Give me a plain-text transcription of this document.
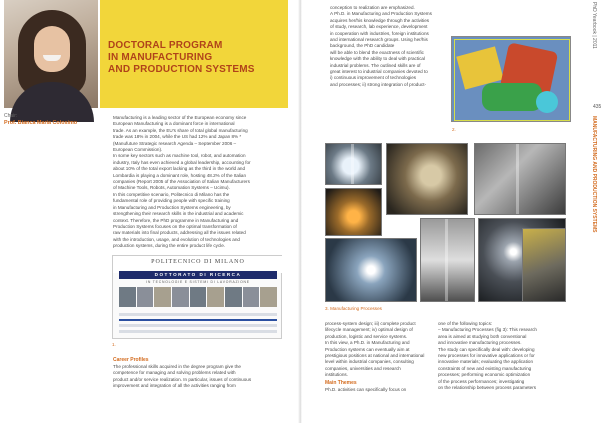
Chair:
Prof. Bianca Maria Colosimo
DOCTORAL PROGRAM
IN MANUFACTURING
AND PRODUCTION SYSTEMS
Manufacturing is a leading sector of the European economy since
European Manufacturing is a dominant force in international
trade. As an example, the EU's share of total global manufacturing
trade was 18% in 2004, while the US had 12% and Japan 8% *
(Manufuture Strategic research Agenda – September 2006 –
European Commission).
In some key sectors such as machine tool, robot, and automation
industry, Italy has even achieved a global leadership, accounting for
about 10% of the total export lacking as the third in the world and
Lombardia is playing a dominant role, hosting 48.2% of the Italian
companies (Report 2005 of the Association of Italian Manufacturers
of Machine Tools, Robots, Automation Systems – Ucimu).
In this competitive scenario, Politecnico di Milano has the
fundamental role of providing people with specific training
in Manufacturing and Production Systems engineering, by
strengthening their research skills in the industrial and academic
context. Therefore, the PhD programme in Manufacturing and
Production Systems focuses on the optimal transformation of
raw materials into final products, addressing all the issues related
with the introduction, usage, and evolution of technologies and
production systems, during the entire product life cycle.
POLITECNICO DI MILANO
DOTTORATO DI RICERCA
IN TECNOLOGIE E SISTEMI DI LAVORAZIONE
1.
Career Profiles
The professional skills acquired in the degree program give the
competence for managing and solving problems related with
product and/or service realization. In particular, issues of continuous
improvement and integration of all the activities ranging from
conception to realization are emphasized.
A Ph.D. in Manufacturing and Production Systems
acquires her/his knowledge through the activities
of study, research, lab experience, development
in cooperation with industries, foreign institutions
and international research groups. Using her/his
background, the PhD candidate
will be able to blend the exactness of scientific
knowledge with the ability to deal with practical
industrial problems. The outlined skills are of
great interest to industrial companies devoted to
i) continuous improvement of technologies
and processes; ii) strong integration of product-
2.
PhD Yearbook | 2011
435
MANUFACTURING AND PRODUCTION SYSTEMS
3. Manufacturing Processes
process-system design; iii) complete product
lifecycle management; iv) optimal design of
production, logistic and service systems.
In this view, a Ph.D. in Manufacturing and
Production systems can eventually aim at
prestigious positions at national and international
level within industrial companies, consulting
companies, universities and research institutions.
Main Themes
Ph.D. activities can specifically focus on
one of the following topics:
– Manufacturing Processes (fig 3): This research
area is aimed at studying both conventional
and innovative manufacturing processes.
The study can specifically deal with: developing
new processes for innovative applications or for
innovative materials; evaluating the application
constraints of new and existing manufacturing
processes; performing economic optimization
of the process performances; investigating
on the relationship between process parameters
